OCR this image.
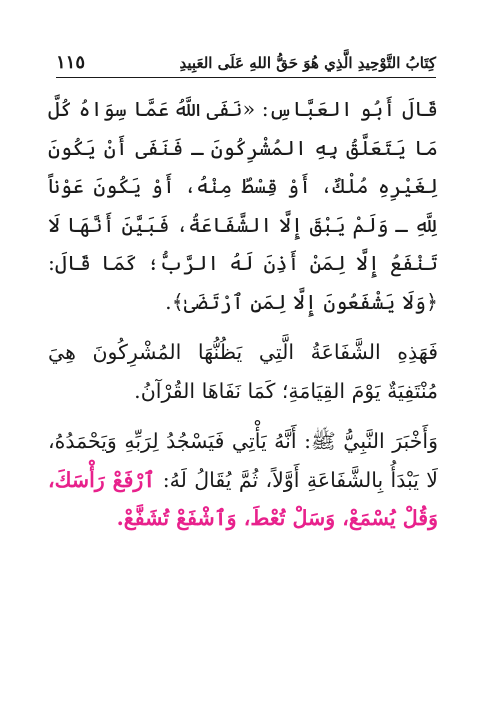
كِتَابُ التَّوْحِيدِ الَّذِي هُوَ حَقُّ اللهِ عَلَى العَبِيدِ
١١٥

قَالَ أَبُو العَبَّاسِ: «نَفَى اللَّهُ عَمَّا سِوَاهُ كُلَّ مَا يَتَعَلَّقُ بِهِ المُشْرِكُونَ ـ فَنَفَى أَنْ يَكُونَ لِغَيْرِهِ مُلْكٌ، أَوْ قِسْطٌ مِنْهُ، أَوْ يَكُونَ عَوْناً لِلَّهِ ـ وَلَمْ يَبْقَ إِلَّا الشَّفَاعَةُ، فَبَيَّنَ أَنَّهَا لَا تَنْفَعُ إِلَّا لِمَنْ أَذِنَ لَهُ الرَّبُّ؛ كَمَا قَالَ: ﴿وَلَا يَشْفَعُونَ إِلَّا لِمَنِ ٱرْتَضَىٰ﴾.

فَهَذِهِ الشَّفَاعَةُ الَّتِي يَظُنُّهَا المُشْرِكُونَ هِيَ مُنْتَفِيَةٌ يَوْمَ القِيَامَةِ؛ كَمَا نَفَاهَا القُرْآنُ.

وَأَخْبَرَ النَّبِيُّ ﷺ: أَنَّهُ يَأْتِي فَيَسْجُدُ لِرَبِّهِ وَيَحْمَدُهُ، لَا يَبْدَأُ بِالشَّفَاعَةِ أَوَّلاً، ثُمَّ يُقَالُ لَهُ: ٱرْفَعْ رَأْسَكَ، وَقُلْ يُسْمَعْ، وَسَلْ تُعْطَ، وَٱشْفَعْ تُشَفَّعْ.
